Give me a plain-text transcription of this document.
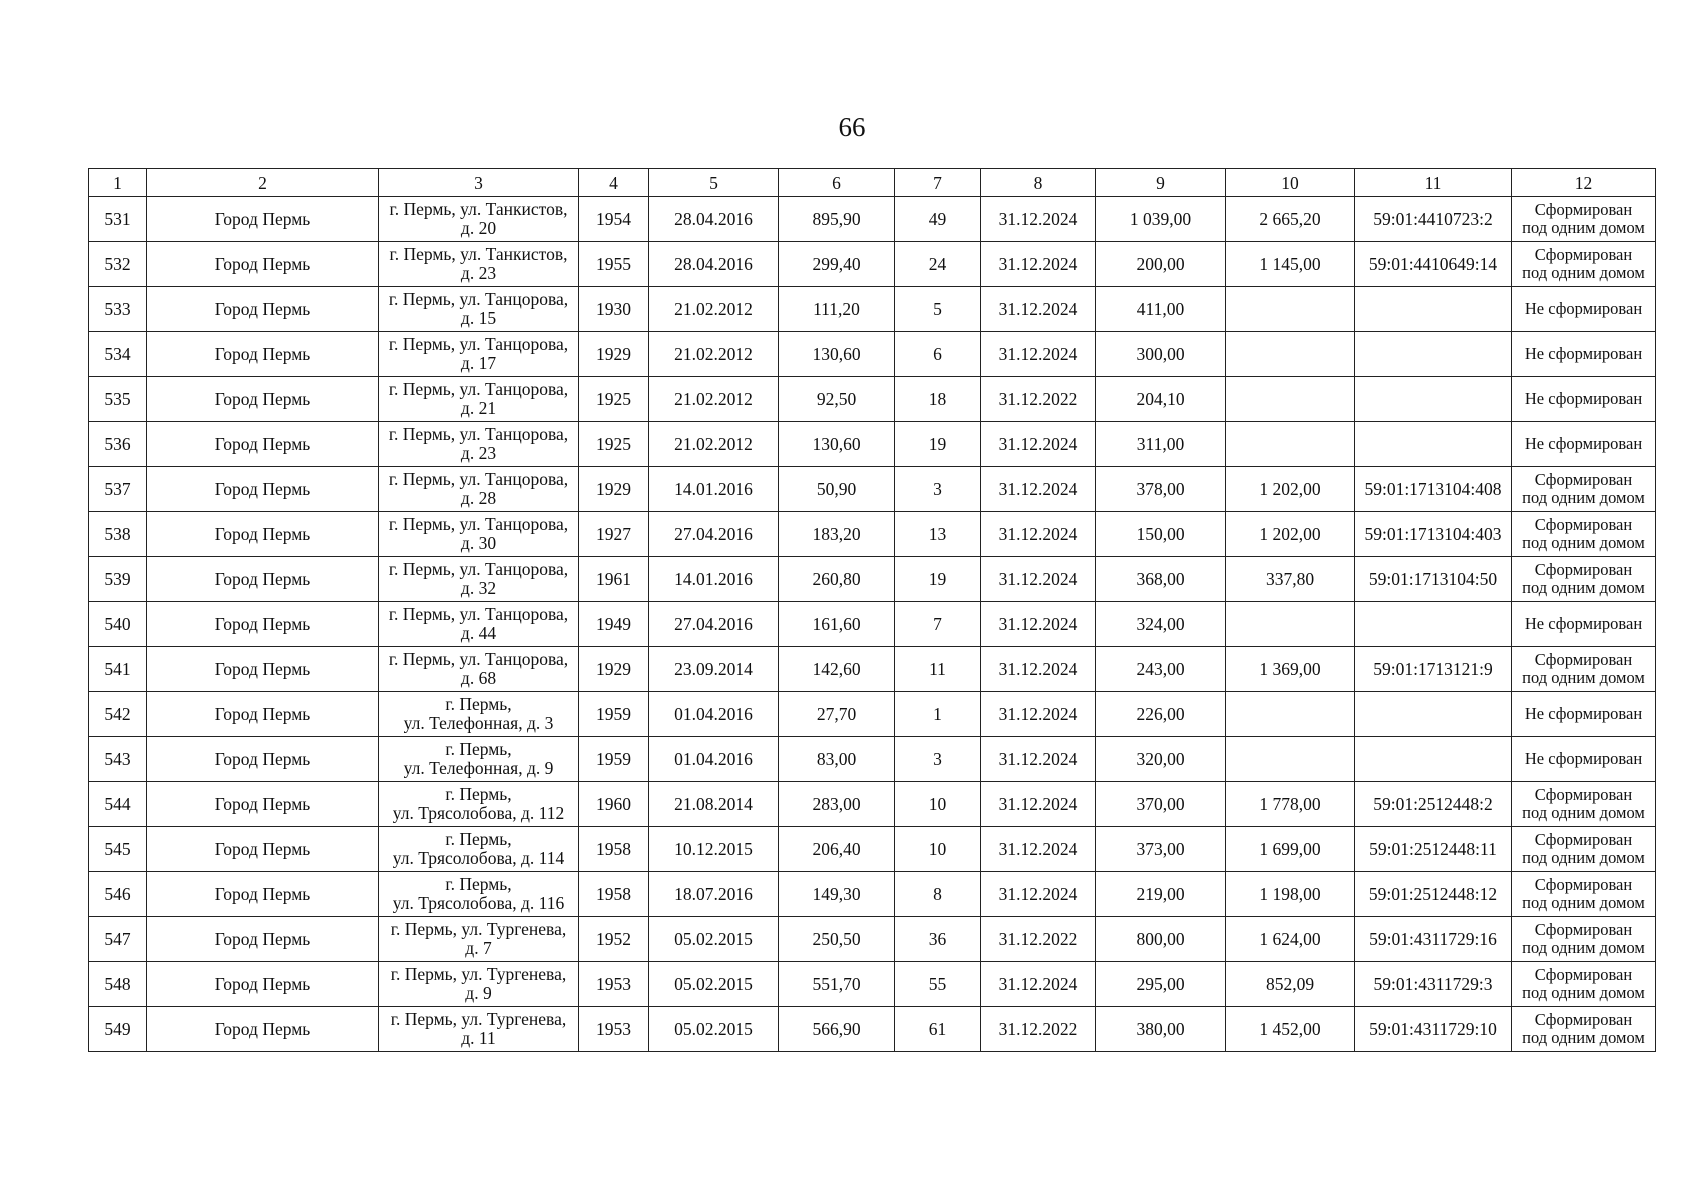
66
1	2	3	4	5	6	7	8	9	10	11	12
531	Город Пермь	г. Пермь, ул. Танкистов,
д. 20	1954	28.04.2016	895,90	49	31.12.2024	1 039,00	2 665,20	59:01:4410723:2	Сформирован
под одним домом

532	Город Пермь	г. Пермь, ул. Танкистов,
д. 23	1955	28.04.2016	299,40	24	31.12.2024	200,00	1 145,00	59:01:4410649:14	Сформирован
под одним домом

533	Город Пермь	г. Пермь, ул. Танцорова,
д. 15	1930	21.02.2012	111,20	5	31.12.2024	411,00			Не сформирован

534	Город Пермь	г. Пермь, ул. Танцорова,
д. 17	1929	21.02.2012	130,60	6	31.12.2024	300,00			Не сформирован

535	Город Пермь	г. Пермь, ул. Танцорова,
д. 21	1925	21.02.2012	92,50	18	31.12.2022	204,10			Не сформирован

536	Город Пермь	г. Пермь, ул. Танцорова,
д. 23	1925	21.02.2012	130,60	19	31.12.2024	311,00			Не сформирован

537	Город Пермь	г. Пермь, ул. Танцорова,
д. 28	1929	14.01.2016	50,90	3	31.12.2024	378,00	1 202,00	59:01:1713104:408	Сформирован
под одним домом

538	Город Пермь	г. Пермь, ул. Танцорова,
д. 30	1927	27.04.2016	183,20	13	31.12.2024	150,00	1 202,00	59:01:1713104:403	Сформирован
под одним домом

539	Город Пермь	г. Пермь, ул. Танцорова,
д. 32	1961	14.01.2016	260,80	19	31.12.2024	368,00	337,80	59:01:1713104:50	Сформирован
под одним домом

540	Город Пермь	г. Пермь, ул. Танцорова,
д. 44	1949	27.04.2016	161,60	7	31.12.2024	324,00			Не сформирован

541	Город Пермь	г. Пермь, ул. Танцорова,
д. 68	1929	23.09.2014	142,60	11	31.12.2024	243,00	1 369,00	59:01:1713121:9	Сформирован
под одним домом

542	Город Пермь	г. Пермь,
ул. Телефонная, д. 3	1959	01.04.2016	27,70	1	31.12.2024	226,00			Не сформирован

543	Город Пермь	г. Пермь,
ул. Телефонная, д. 9	1959	01.04.2016	83,00	3	31.12.2024	320,00			Не сформирован

544	Город Пермь	г. Пермь,
ул. Трясолобова, д. 112	1960	21.08.2014	283,00	10	31.12.2024	370,00	1 778,00	59:01:2512448:2	Сформирован
под одним домом

545	Город Пермь	г. Пермь,
ул. Трясолобова, д. 114	1958	10.12.2015	206,40	10	31.12.2024	373,00	1 699,00	59:01:2512448:11	Сформирован
под одним домом

546	Город Пермь	г. Пермь,
ул. Трясолобова, д. 116	1958	18.07.2016	149,30	8	31.12.2024	219,00	1 198,00	59:01:2512448:12	Сформирован
под одним домом

547	Город Пермь	г. Пермь, ул. Тургенева,
д. 7	1952	05.02.2015	250,50	36	31.12.2022	800,00	1 624,00	59:01:4311729:16	Сформирован
под одним домом

548	Город Пермь	г. Пермь, ул. Тургенева,
д. 9	1953	05.02.2015	551,70	55	31.12.2024	295,00	852,09	59:01:4311729:3	Сформирован
под одним домом

549	Город Пермь	г. Пермь, ул. Тургенева,
д. 11	1953	05.02.2015	566,90	61	31.12.2022	380,00	1 452,00	59:01:4311729:10	Сформирован
под одним домом
